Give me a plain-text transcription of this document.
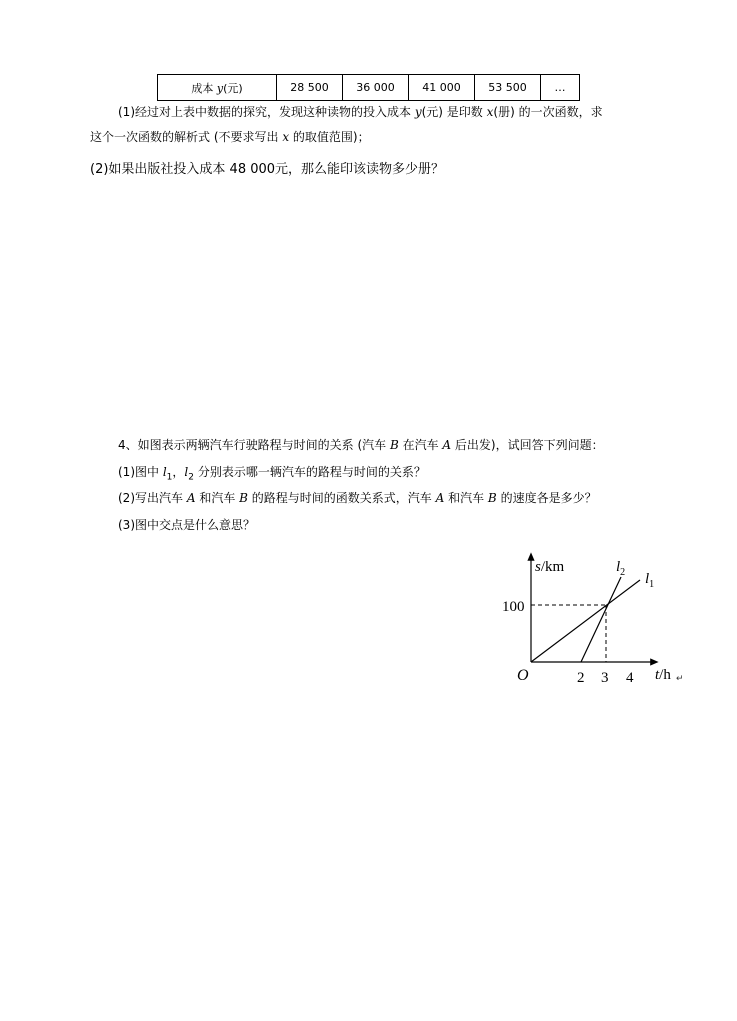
成本 y(元)	28 500	36 000	41 000	53 500	…
(1)经过对上表中数据的探究，发现这种读物的投入成本 y(元) 是印数 x(册) 的一次函数，求
这个一次函数的解析式 (不要求写出 x 的取值范围)；
(2)如果出版社投入成本 48 000元，那么能印该读物多少册？
4、如图表示两辆汽车行驶路程与时间的关系 (汽车 B 在汽车 A 后出发)，试回答下列问题：
(1)图中 $l_1$，$l_2$ 分别表示哪一辆汽车的路程与时间的关系？
(2)写出汽车 A 和汽车 B 的路程与时间的函数关系式，汽车 A 和汽车 B 的速度各是多少？
(3)图中交点是什么意思？
s/km
100
O	2 3 4 t/h ↵
$l_2$ $l_1$
